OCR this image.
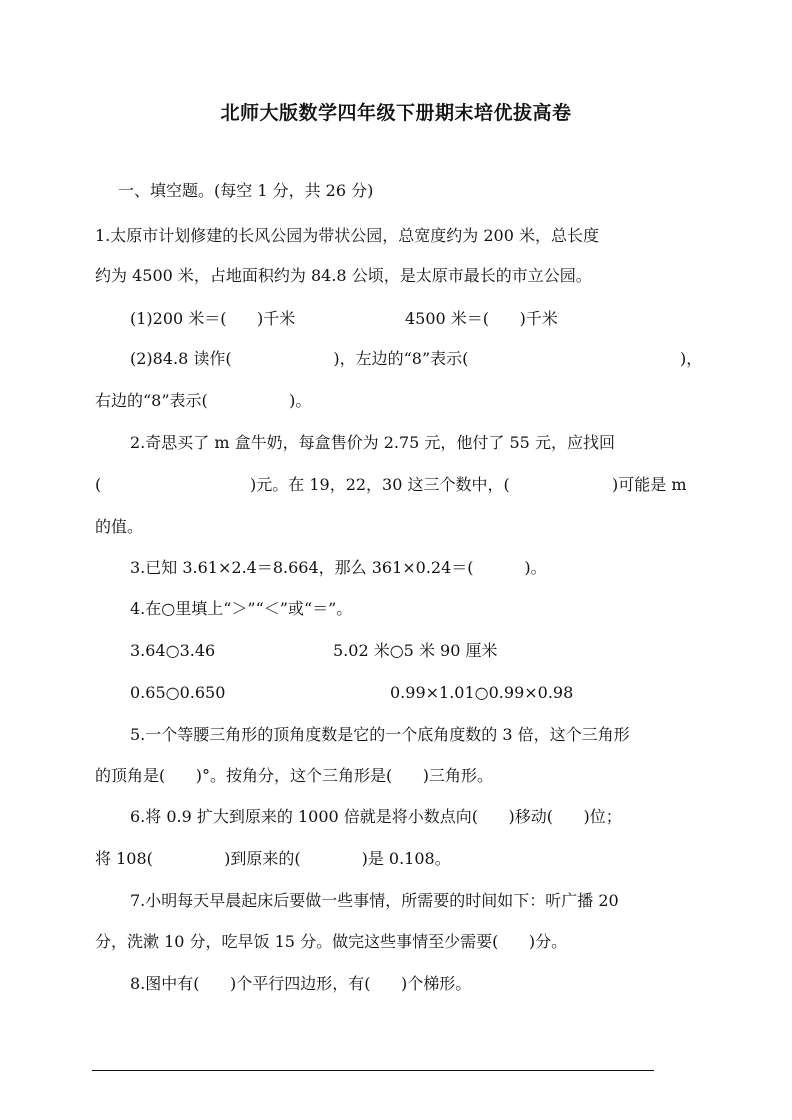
北师大版数学四年级下册期末培优拔高卷
一、填空题。(每空 1 分，共 26 分)
1.太原市计划修建的长风公园为带状公园，总宽度约为 200 米，总长度
约为 4500 米，占地面积约为 84.8 公顷，是太原市最长的市立公园。
(1)200 米＝(      )千米	4500 米＝(      )千米
(2)84.8 读作(                    )，左边的“8”表示(	)，
右边的“8”表示(                )。
2.奇思买了 m 盒牛奶，每盒售价为 2.75 元，他付了 55 元，应找回
(	)元。在 19，22，30 这三个数中，(	)可能是 m
的值。
3.已知 3.61×2.4＝8.664，那么 361×0.24＝(          )。
4.在○里填上“＞”“＜”或“＝”。
3.64○3.46	5.02 米○5 米 90 厘米
0.65○0.650	0.99×1.01○0.99×0.98
5.一个等腰三角形的顶角度数是它的一个底角度数的 3 倍，这个三角形
的顶角是(      )°。按角分，这个三角形是(      )三角形。
6.将 0.9 扩大到原来的 1000 倍就是将小数点向(      )移动(      )位；
将 108(              )到原来的(            )是 0.108。
7.小明每天早晨起床后要做一些事情，所需要的时间如下：听广播 20
分，洗漱 10 分，吃早饭 15 分。做完这些事情至少需要(      )分。
8.图中有(      )个平行四边形，有(      )个梯形。
